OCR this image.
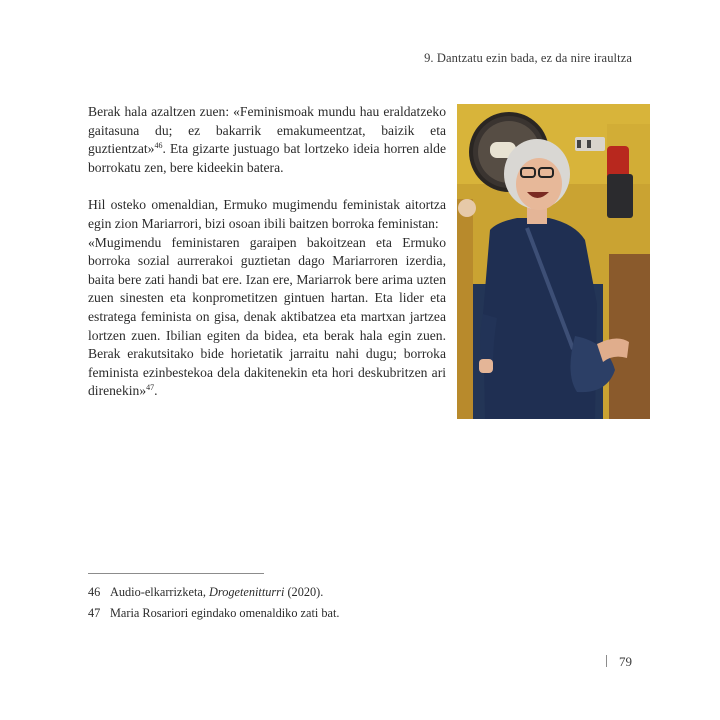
9. Dantzatu ezin bada, ez da nire iraultza

Berak hala azaltzen zuen: «Feminismoak mundu hau eraldatzeko gaitasuna du; ez bakarrik emakumeentzat, baizik eta guztientzat»$^{46}$. Eta gizarte justuago bat lortzeko ideia horren alde borrokatu zen, bere kideekin batera.

Hil osteko omenaldian, Ermuko mugimendu feministak aitortza egin zion Mariarrori, bizi osoan ibili baitzen borroka feministan:

«Mugimendu feministaren garaipen bakoitzean eta Ermuko borroka sozial aurrerakoi guztietan dago Mariarroren izerdia, baita bere zati handi bat ere. Izan ere, Mariarrok bere arima uzten zuen sinesten eta konprometitzen gintuen hartan. Eta lider eta estratega feminista on gisa, denak aktibatzea eta martxan jartzea lortzen zuen. Ibilian egiten da bidea, eta berak hala egin zuen. Berak erakutsitako bide horietatik jarraitu nahi dugu; borroka feminista ezinbestekoa dela dakitenekin eta hori deskubritzen ari direnekin»$^{47}$.

46 Audio-elkarrizketa, Drogetenitturri (2020).
47 Maria Rosariori egindako omenaldiko zati bat.
79
